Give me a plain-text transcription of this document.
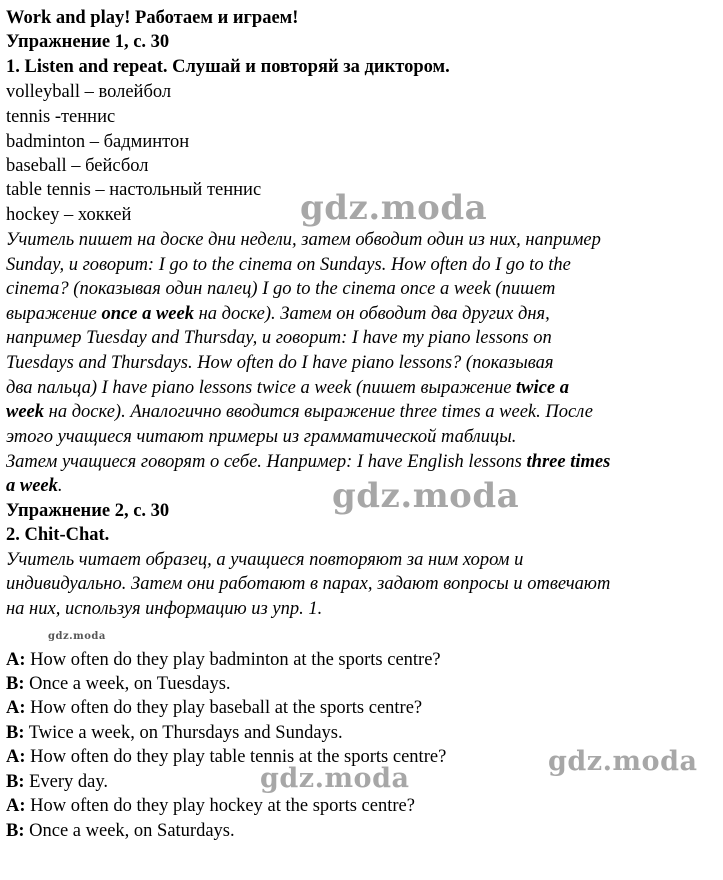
Work and play! Работаем и играем!
Упражнение 1, с. 30
1. Listen and repeat. Слушай и повторяй за диктором.
volleyball – волейбол
tennis -теннис
badminton – бадминтон
baseball – бейсбол
table tennis – настольный теннис
hockey – хоккей
Учитель пишет на доске дни недели, затем обводит один из них, например
Sunday, и говорит: I go to the cinema on Sundays. How often do I go to the
cinema? (показывая один палец) I go to the cinema once a week (пишет
выражение once a week на доске). Затем он обводит два других дня,
например Tuesday and Thursday, и говорит: I have my piano lessons on
Tuesdays and Thursdays. How often do I have piano lessons? (показывая
два пальца) I have piano lessons twice a week (пишет выражение twice a
week на доске). Аналогично вводится выражение three times a week. После
этого учащиеся читают примеры из грамматической таблицы.
Затем учащиеся говорят о себе. Например: I have English lessons three times
a week.
Упражнение 2, с. 30
2. Chit-Chat.
Учитель читает образец, а учащиеся повторяют за ним хором и
индивидуально. Затем они работают в парах, задают вопросы и отвечают
на них, используя информацию из упр. 1.
A: How often do they play badminton at the sports centre?
B: Once a week, on Tuesdays.
A: How often do they play baseball at the sports centre?
B: Twice a week, on Thursdays and Sundays.
A: How often do they play table tennis at the sports centre?
B: Every day.
A: How often do they play hockey at the sports centre?
B: Once a week, on Saturdays.
gdz.moda
gdz.moda
gdz.moda
gdz.moda
gdz.moda
